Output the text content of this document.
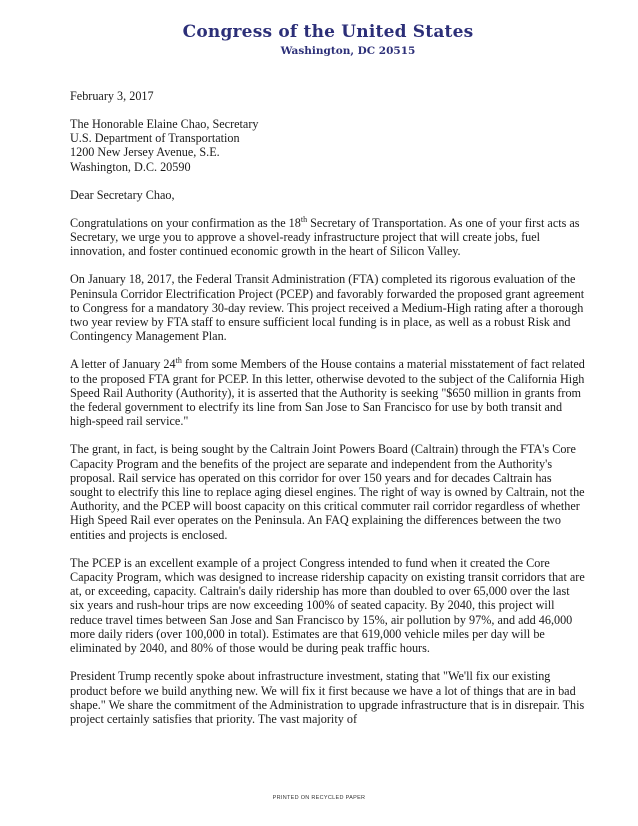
Congress of the United States
Washington, DC 20515
February 3, 2017
The Honorable Elaine Chao, Secretary
U.S. Department of Transportation
1200 New Jersey Avenue, S.E.
Washington, D.C. 20590
Dear Secretary Chao,

Congratulations on your confirmation as the 18th Secretary of Transportation. As one of your first acts as Secretary, we urge you to approve a shovel-ready infrastructure project that will create jobs, fuel innovation, and foster continued economic growth in the heart of Silicon Valley.

On January 18, 2017, the Federal Transit Administration (FTA) completed its rigorous evaluation of the Peninsula Corridor Electrification Project (PCEP) and favorably forwarded the proposed grant agreement to Congress for a mandatory 30-day review. This project received a Medium-High rating after a thorough two year review by FTA staff to ensure sufficient local funding is in place, as well as a robust Risk and Contingency Management Plan.

A letter of January 24th from some Members of the House contains a material misstatement of fact related to the proposed FTA grant for PCEP. In this letter, otherwise devoted to the subject of the California High Speed Rail Authority (Authority), it is asserted that the Authority is seeking "$650 million in grants from the federal government to electrify its line from San Jose to San Francisco for use by both transit and high-speed rail service."

The grant, in fact, is being sought by the Caltrain Joint Powers Board (Caltrain) through the FTA's Core Capacity Program and the benefits of the project are separate and independent from the Authority's proposal. Rail service has operated on this corridor for over 150 years and for decades Caltrain has sought to electrify this line to replace aging diesel engines. The right of way is owned by Caltrain, not the Authority, and the PCEP will boost capacity on this critical commuter rail corridor regardless of whether High Speed Rail ever operates on the Peninsula. An FAQ explaining the differences between the two entities and projects is enclosed.

The PCEP is an excellent example of a project Congress intended to fund when it created the Core Capacity Program, which was designed to increase ridership capacity on existing transit corridors that are at, or exceeding, capacity. Caltrain's daily ridership has more than doubled to over 65,000 over the last six years and rush-hour trips are now exceeding 100% of seated capacity. By 2040, this project will reduce travel times between San Jose and San Francisco by 15%, air pollution by 97%, and add 46,000 more daily riders (over 100,000 in total). Estimates are that 619,000 vehicle miles per day will be eliminated by 2040, and 80% of those would be during peak traffic hours.

President Trump recently spoke about infrastructure investment, stating that "We'll fix our existing product before we build anything new. We will fix it first because we have a lot of things that are in bad shape." We share the commitment of the Administration to upgrade infrastructure that is in disrepair. This project certainly satisfies that priority. The vast majority of

PRINTED ON RECYCLED PAPER
